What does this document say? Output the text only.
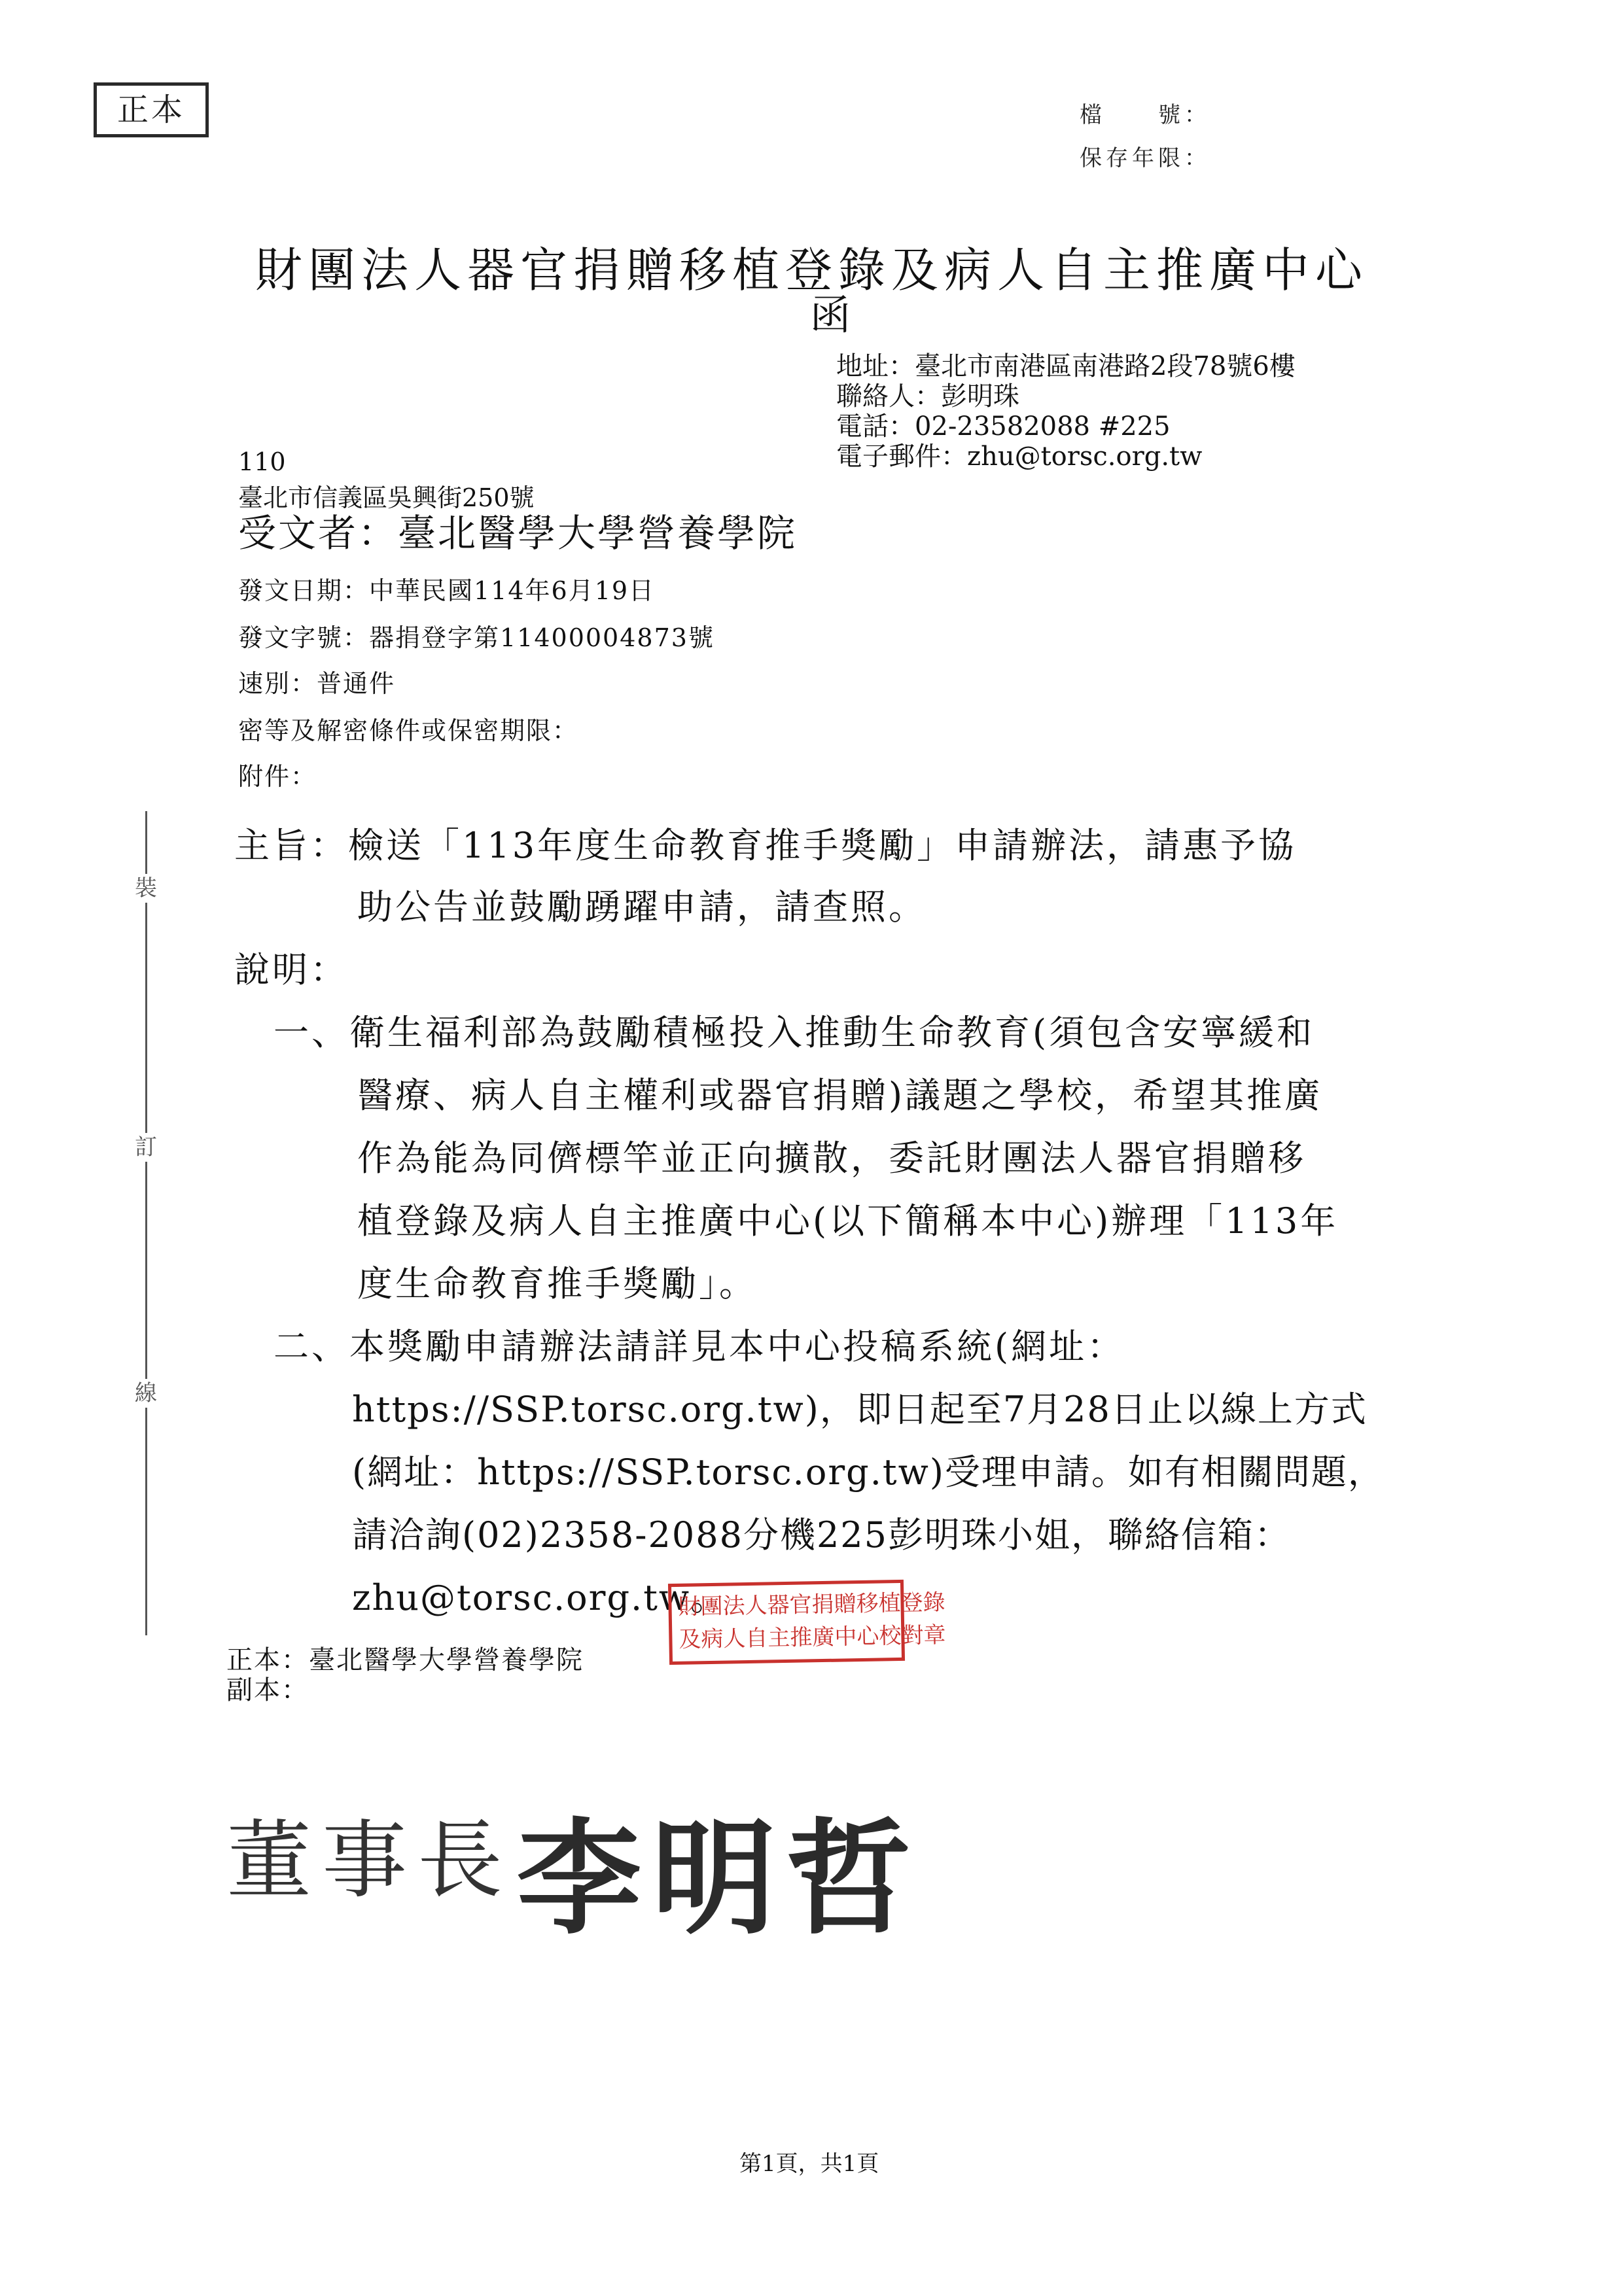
正本	檔　　號：
保存年限：
財團法人器官捐贈移植登錄及病人自主推廣中心
函
地址：臺北市南港區南港路2段78號6樓
聯絡人：彭明珠
電話：02-23582088 #225
電子郵件：zhu@torsc.org.tw
110
臺北市信義區吳興街250號
受文者：臺北醫學大學營養學院
發文日期：中華民國114年6月19日
發文字號：器捐登字第11400004873號
速別：普通件
密等及解密條件或保密期限：
附件：
主旨：檢送「113年度生命教育推手獎勵」申請辦法，請惠予協
助公告並鼓勵踴躍申請，請查照。
說明：
一、衛生福利部為鼓勵積極投入推動生命教育(須包含安寧緩和
醫療、病人自主權利或器官捐贈)議題之學校，希望其推廣
作為能為同儕標竿並正向擴散，委託財團法人器官捐贈移
植登錄及病人自主推廣中心(以下簡稱本中心)辦理「113年
度生命教育推手獎勵」。
二、本獎勵申請辦法請詳見本中心投稿系統(網址：
https://SSP.torsc.org.tw)，即日起至7月28日止以線上方式
(網址：https://SSP.torsc.org.tw)受理申請。如有相關問題，
請洽詢(02)2358-2088分機225彭明珠小姐，聯絡信箱：
zhu@torsc.org.tw。
裝
訂
線
財團法人器官捐贈移植登錄
及病人自主推廣中心校對章
正本：臺北醫學大學營養學院
副本：
董事長 李明哲
第1頁，共1頁
